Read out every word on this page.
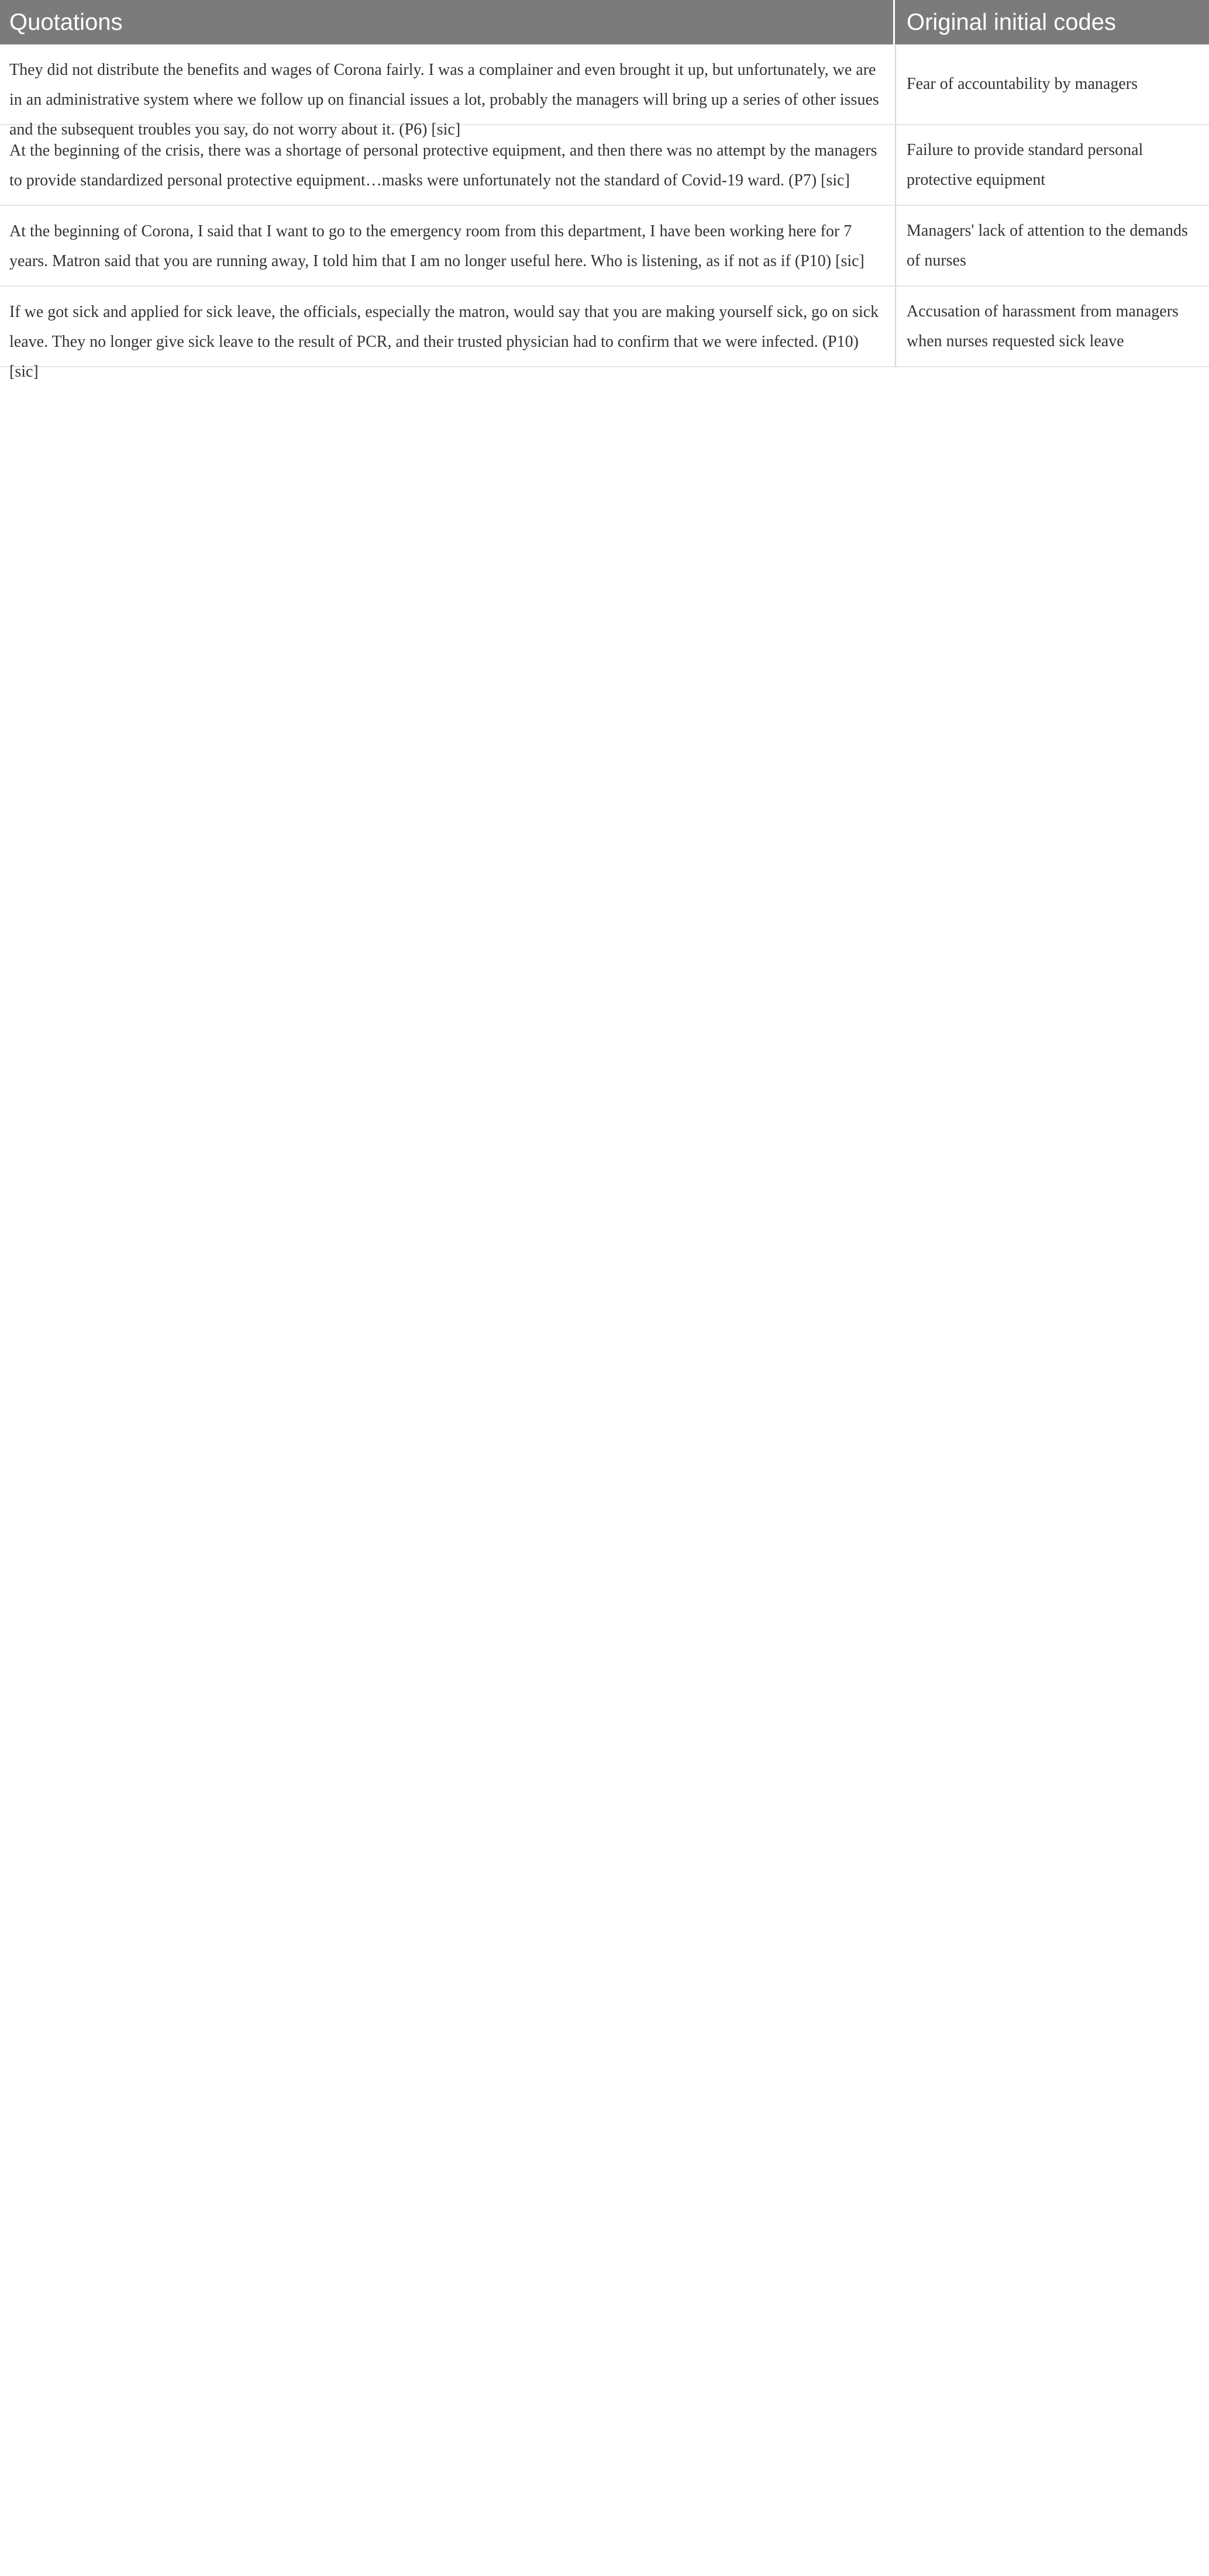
Quotations	Original initial codes
They did not distribute the benefits and wages of Corona fairly. I was a complainer and even brought it up, but unfortunately, we are in an administrative system where we follow up on financial issues a lot, probably the managers will bring up a series of other issues and the subsequent troubles you say, do not worry about it. (P6) [sic]
Fear of accountability by managers
At the beginning of the crisis, there was a shortage of personal protective equipment, and then there was no attempt by the managers to provide standardized personal protective equipment…masks were unfortunately not the standard of Covid-19 ward. (P7) [sic]
Failure to provide standard personal protective equipment
At the beginning of Corona, I said that I want to go to the emergency room from this department, I have been working here for 7 years. Matron said that you are running away, I told him that I am no longer useful here. Who is listening, as if not as if (P10) [sic]
Managers' lack of attention to the demands of nurses
If we got sick and applied for sick leave, the officials, especially the matron, would say that you are making yourself sick, go on sick leave. They no longer give sick leave to the result of PCR, and their trusted physician had to confirm that we were infected. (P10) [sic]
Accusation of harassment from managers when nurses requested sick leave
